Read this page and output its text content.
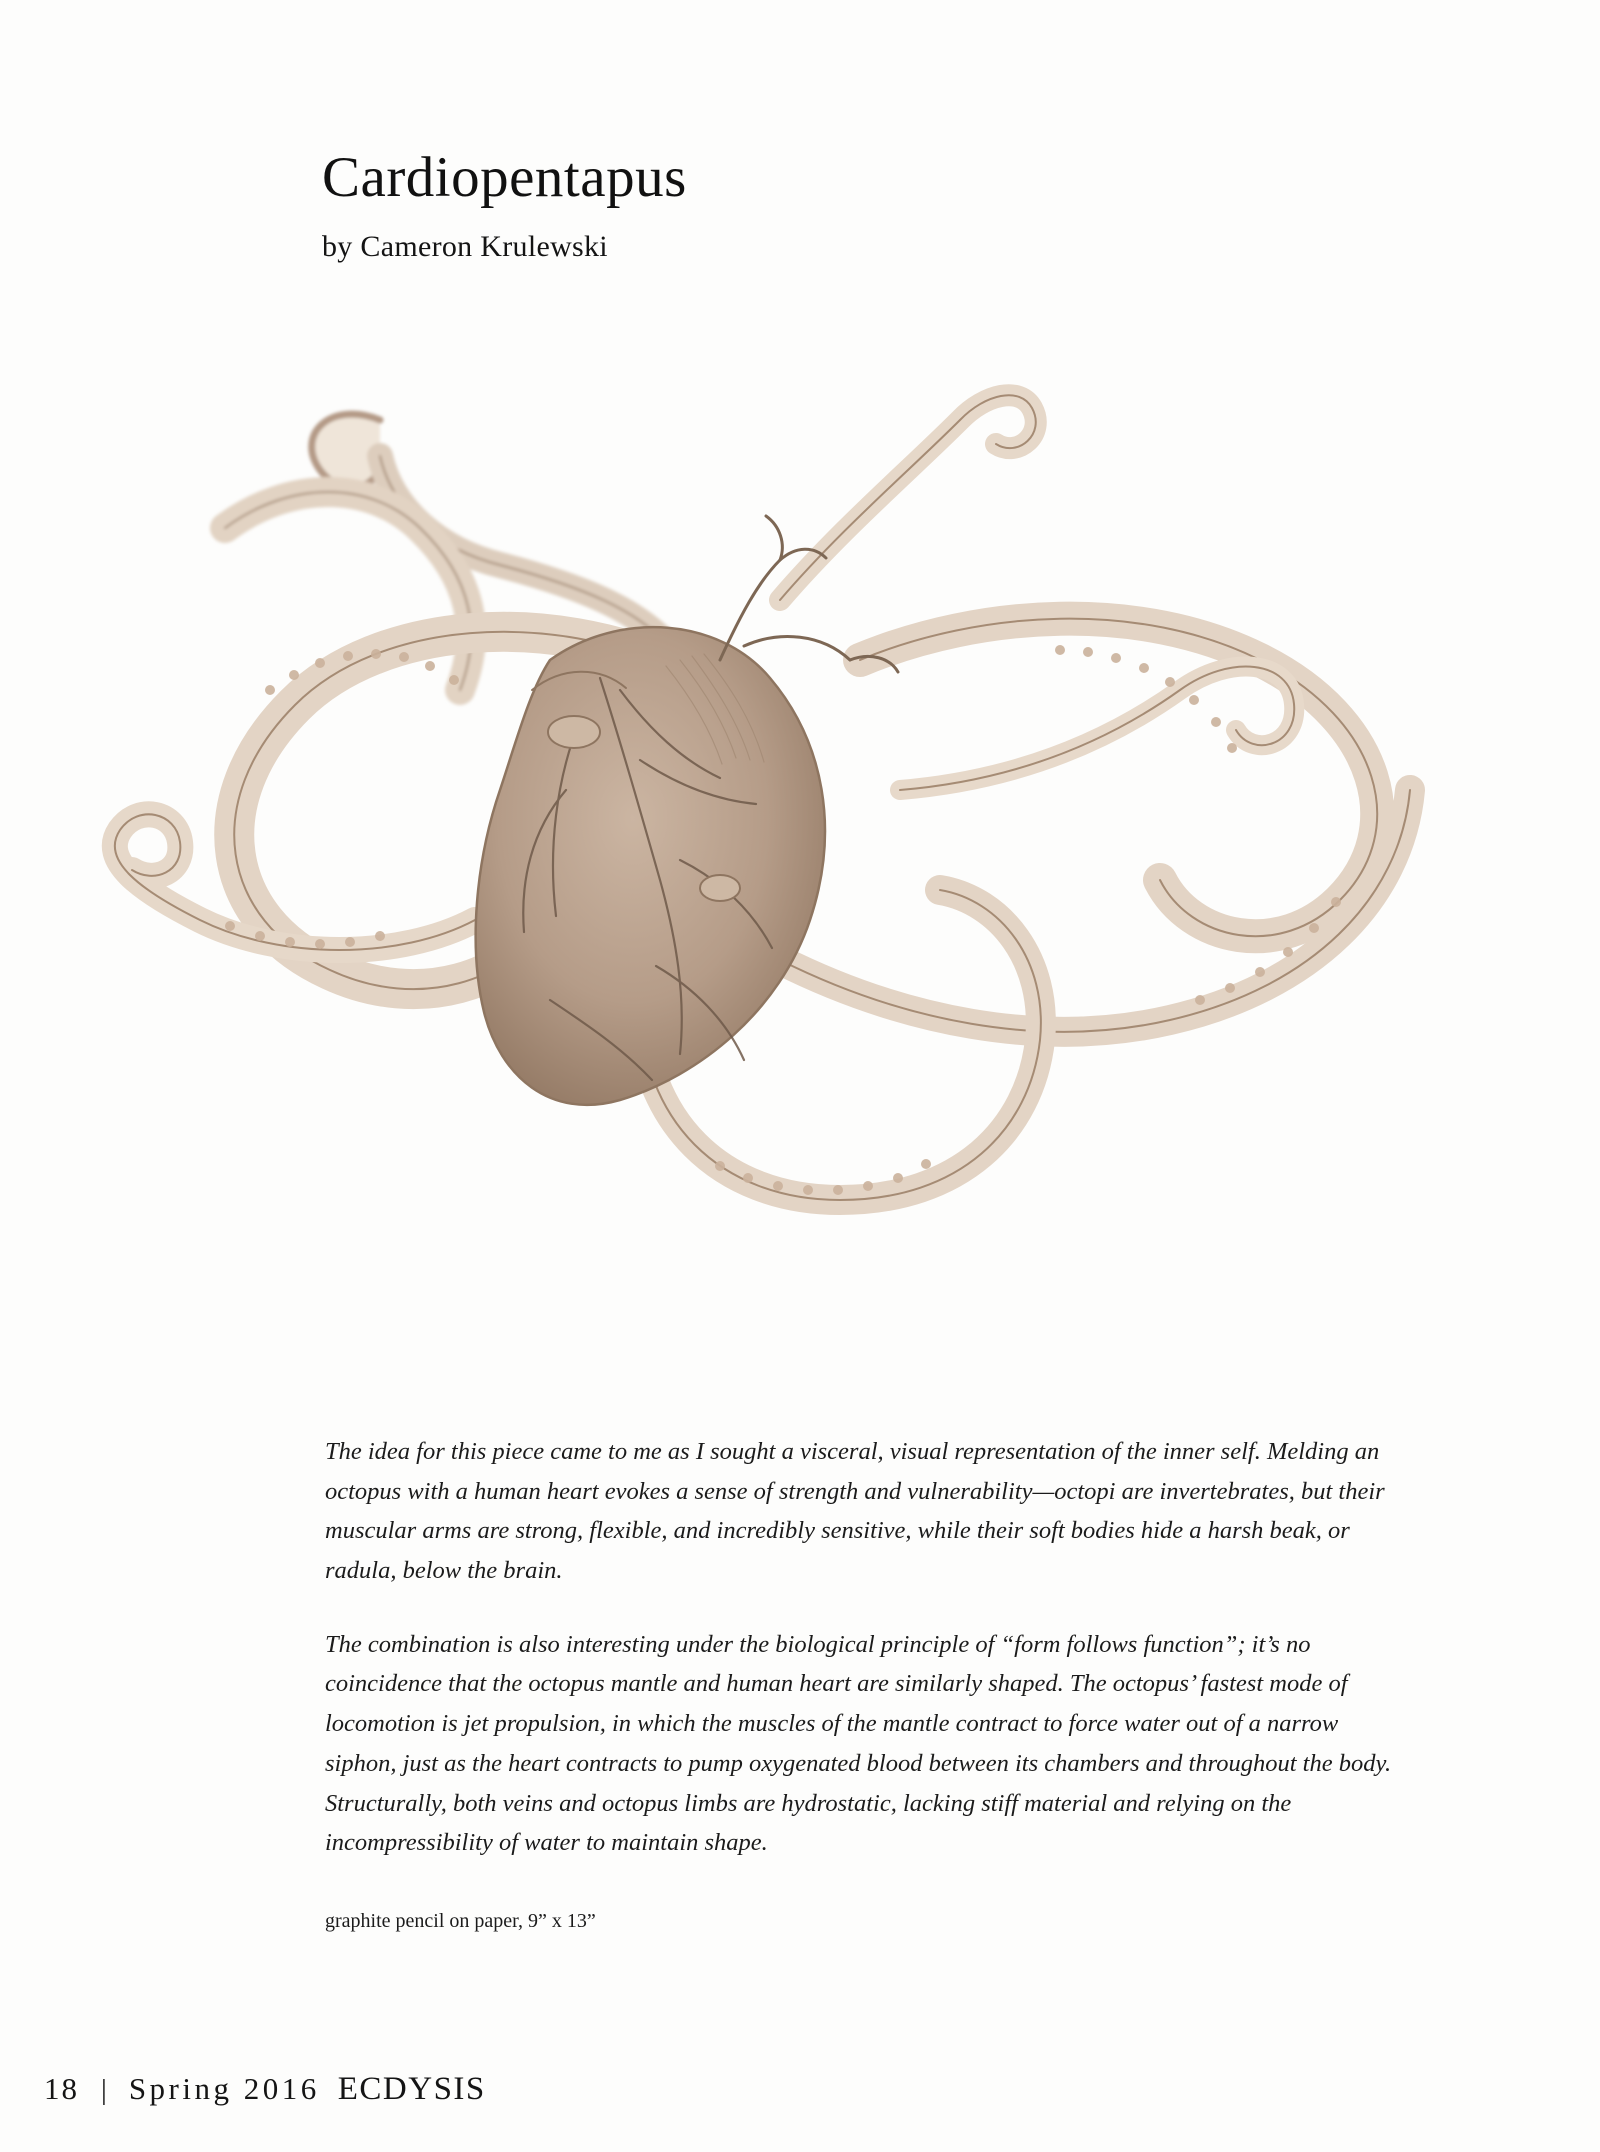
Cardiopentapus

by Cameron Krulewski

The idea for this piece came to me as I sought a visceral, visual representation of the inner self. Melding an octopus with a human heart evokes a sense of strength and vulnerability—octopi are invertebrates, but their muscular arms are strong, flexible, and incredibly sensitive, while their soft bodies hide a harsh beak, or radula, below the brain.

The combination is also interesting under the biological principle of “form follows function”; it’s no coincidence that the octopus mantle and human heart are similarly shaped. The octopus’ fastest mode of locomotion is jet propulsion, in which the muscles of the mantle contract to force water out of a narrow siphon, just as the heart contracts to pump oxygenated blood between its chambers and throughout the body. Structurally, both veins and octopus limbs are hydrostatic, lacking stiff material and relying on the incompressibility of water to maintain shape.

graphite pencil on paper, 9” x 13”
18 | Spring 2016 ECDYSIS
